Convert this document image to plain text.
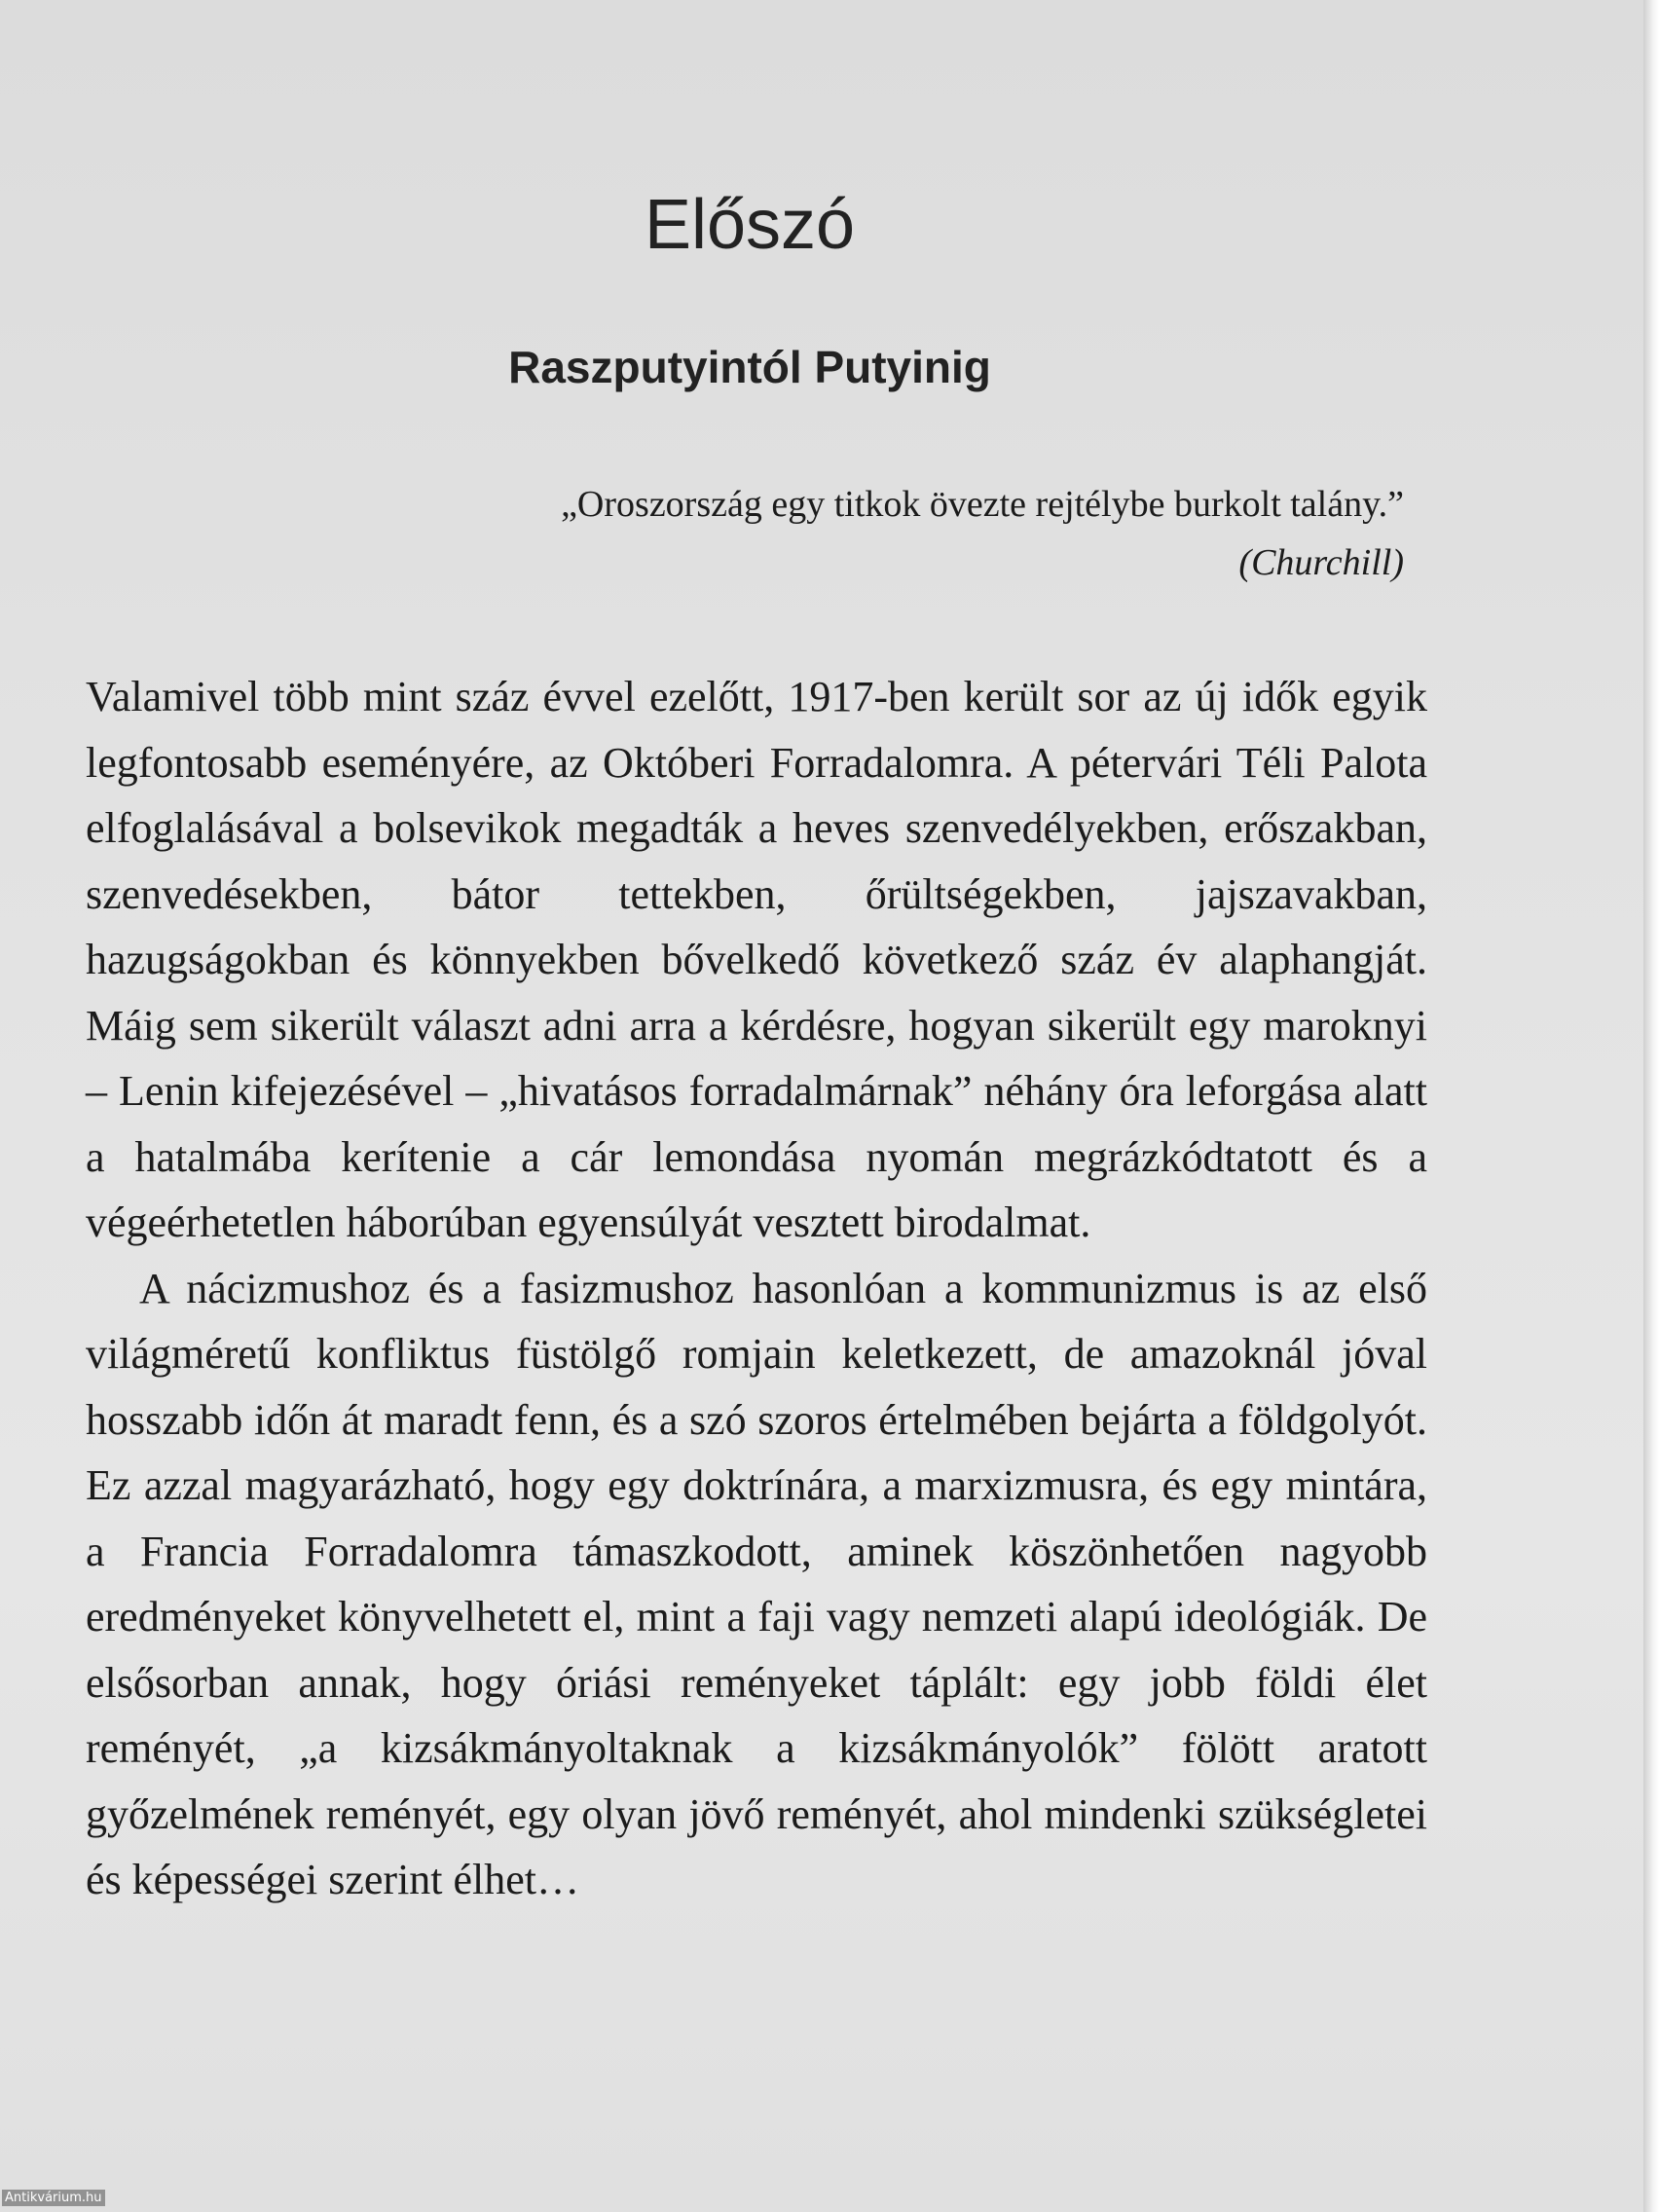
Előszó
Raszputyintól Putyinig
„Oroszország egy titkok övezte rejtélybe burkolt talány.”
(Churchill)

Valamivel több mint száz évvel ezelőtt, 1917-ben került sor az új idők egyik legfontosabb eseményére, az Októberi Forradalomra. A pétervári Téli Palota elfoglalásával a bolsevikok megadták a heves szenvedélyekben, erőszakban, szenvedésekben, bátor tettekben, őrültségekben, jajszavakban, hazugságokban és könnyekben bővelkedő következő száz év alaphangját. Máig sem sikerült választ adni arra a kérdésre, hogyan sikerült egy maroknyi – Lenin kifejezésével – „hivatásos forradalmárnak” néhány óra leforgása alatt a hatalmába kerítenie a cár lemondása nyomán megrázkódtatott és a végeérhetetlen háborúban egyensúlyát vesztett birodalmat.

A nácizmushoz és a fasizmushoz hasonlóan a kommunizmus is az első világméretű konfliktus füstölgő romjain keletkezett, de amazoknál jóval hosszabb időn át maradt fenn, és a szó szoros értelmében bejárta a földgolyót. Ez azzal magyarázható, hogy egy doktrínára, a marxizmusra, és egy mintára, a Francia Forradalomra támaszkodott, aminek köszönhetően nagyobb eredményeket könyvelhetett el, mint a faji vagy nemzeti alapú ideológiák. De elsősorban annak, hogy óriási reményeket táplált: egy jobb földi élet reményét, „a kizsákmányoltaknak a kizsákmányolók” fölött aratott győzelmének reményét, egy olyan jövő reményét, ahol mindenki szükségletei és képességei szerint élhet…

Antikvárium.hu
